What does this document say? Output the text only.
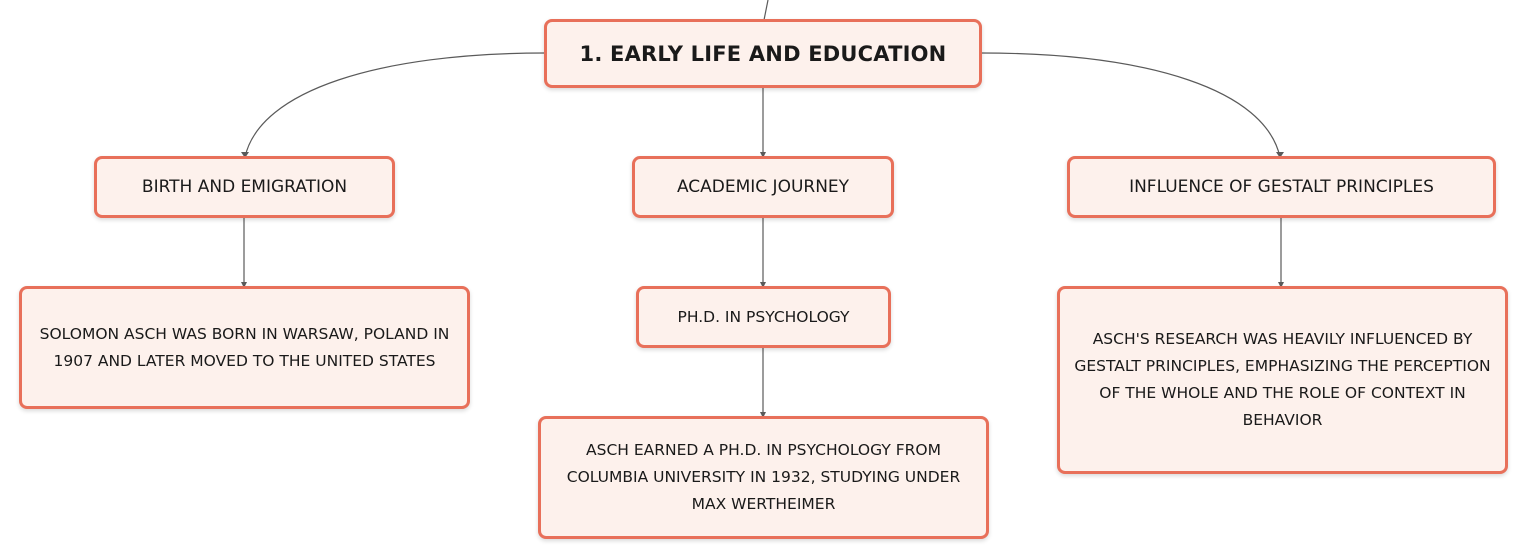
1. EARLY LIFE AND EDUCATION
BIRTH AND EMIGRATION	ACADEMIC JOURNEY	INFLUENCE OF GESTALT PRINCIPLES
SOLOMON ASCH WAS BORN IN WARSAW, POLAND IN 1907 AND LATER MOVED TO THE UNITED STATES
PH.D. IN PSYCHOLOGY
ASCH EARNED A PH.D. IN PSYCHOLOGY FROM COLUMBIA UNIVERSITY IN 1932, STUDYING UNDER MAX WERTHEIMER
ASCH'S RESEARCH WAS HEAVILY INFLUENCED BY GESTALT PRINCIPLES, EMPHASIZING THE PERCEPTION OF THE WHOLE AND THE ROLE OF CONTEXT IN BEHAVIOR
